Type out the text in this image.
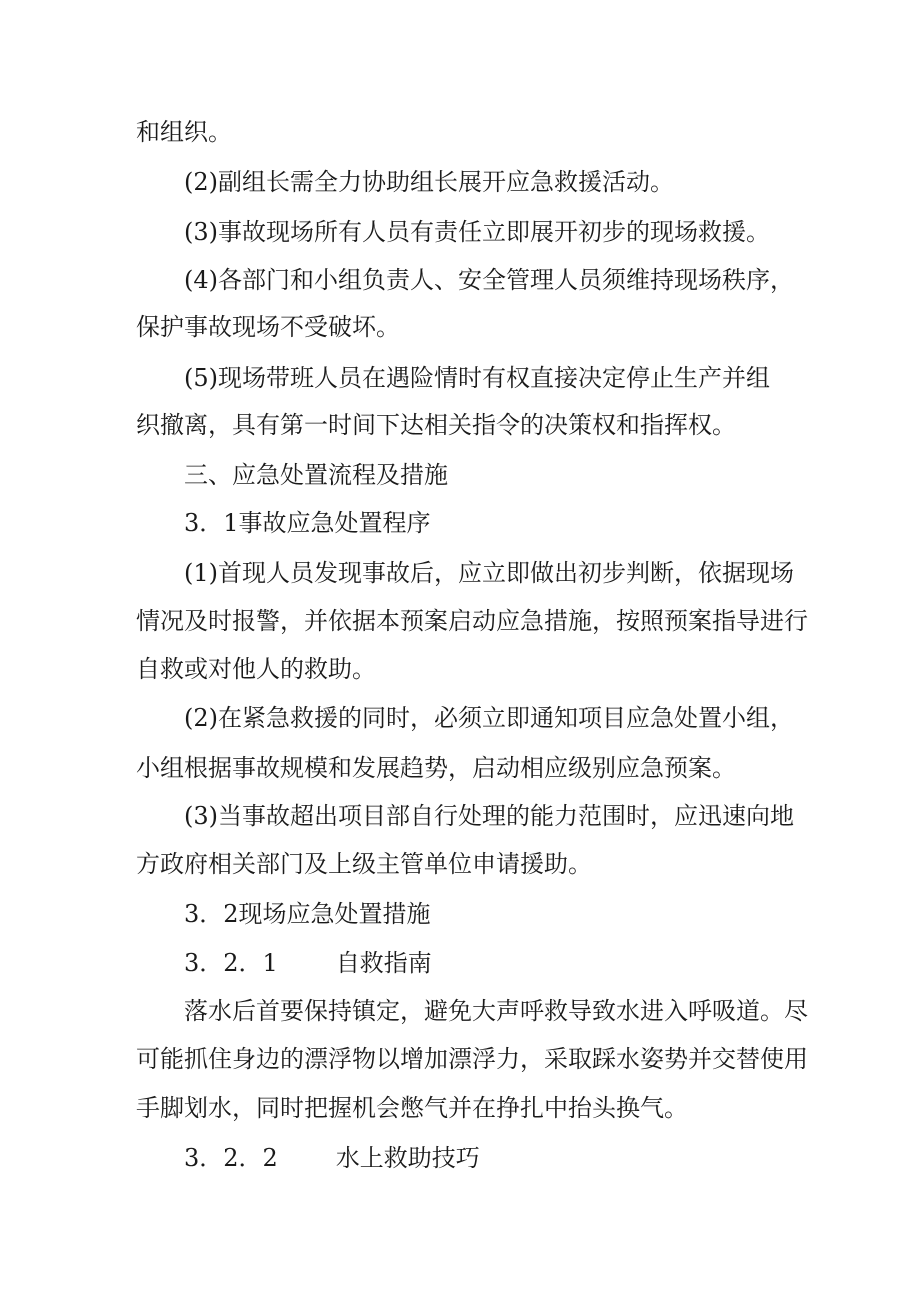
和组织。
(2)副组长需全力协助组长展开应急救援活动。
(3)事故现场所有人员有责任立即展开初步的现场救援。
(4)各部门和小组负责人、安全管理人员须维持现场秩序，
保护事故现场不受破坏。
(5)现场带班人员在遇险情时有权直接决定停止生产并组
织撤离，具有第一时间下达相关指令的决策权和指挥权。
三、应急处置流程及措施
3．1事故应急处置程序
(1)首现人员发现事故后，应立即做出初步判断，依据现场
情况及时报警，并依据本预案启动应急措施，按照预案指导进行
自救或对他人的救助。
(2)在紧急救援的同时，必须立即通知项目应急处置小组，
小组根据事故规模和发展趋势，启动相应级别应急预案。
(3)当事故超出项目部自行处理的能力范围时，应迅速向地
方政府相关部门及上级主管单位申请援助。
3．2现场应急处置措施
3．2．1 自救指南
落水后首要保持镇定，避免大声呼救导致水进入呼吸道。尽
可能抓住身边的漂浮物以增加漂浮力，采取踩水姿势并交替使用
手脚划水，同时把握机会憋气并在挣扎中抬头换气。
3．2．2 水上救助技巧
